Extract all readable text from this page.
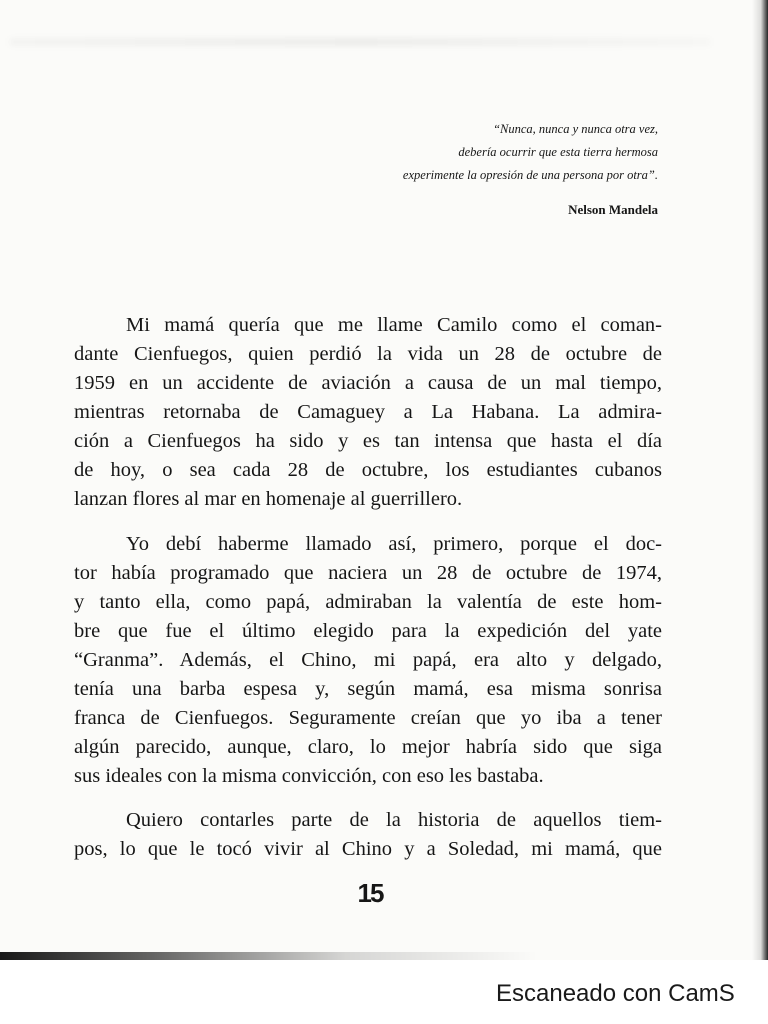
“Nunca, nunca y nunca otra vez,
debería ocurrir que esta tierra hermosa
experimente la opresión de una persona por otra”.
Nelson Mandela

Mi mamá quería que me llame Camilo como el coman-
dante Cienfuegos, quien perdió la vida un 28 de octubre de
1959 en un accidente de aviación a causa de un mal tiempo,
mientras retornaba de Camaguey a La Habana. La admira-
ción a Cienfuegos ha sido y es tan intensa que hasta el día
de hoy, o sea cada 28 de octubre, los estudiantes cubanos
lanzan flores al mar en homenaje al guerrillero.

Yo debí haberme llamado así, primero, porque el doc-
tor había programado que naciera un 28 de octubre de 1974,
y tanto ella, como papá, admiraban la valentía de este hom-
bre que fue el último elegido para la expedición del yate
“Granma”. Además, el Chino, mi papá, era alto y delgado,
tenía una barba espesa y, según mamá, esa misma sonrisa
franca de Cienfuegos. Seguramente creían que yo iba a tener
algún parecido, aunque, claro, lo mejor habría sido que siga
sus ideales con la misma convicción, con eso les bastaba.

Quiero contarles parte de la historia de aquellos tiem-
pos, lo que le tocó vivir al Chino y a Soledad, mi mamá, que

15
Escaneado con CamS
